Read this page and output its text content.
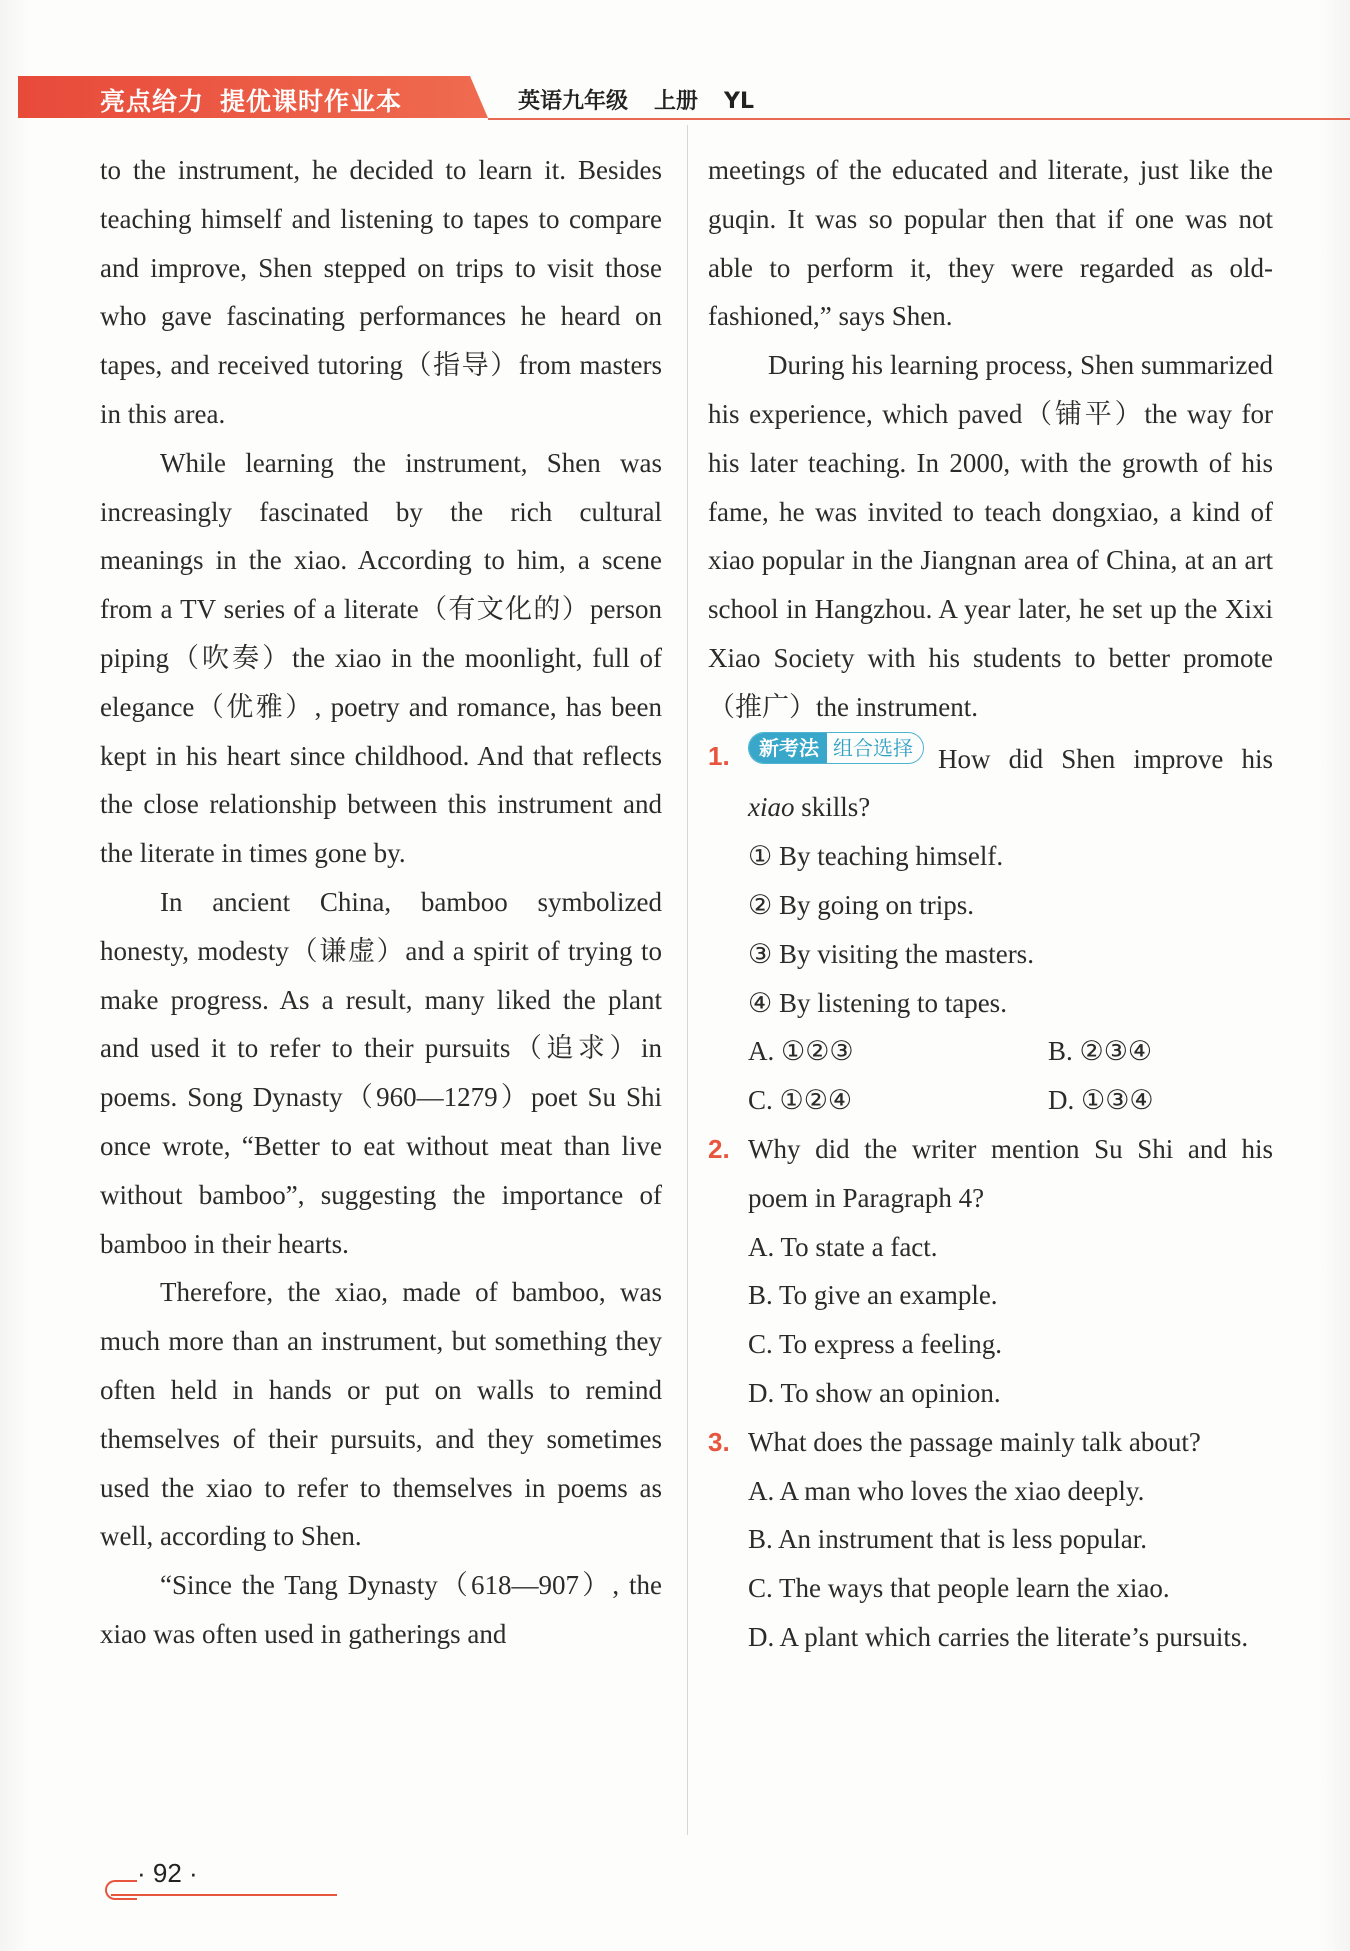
亮点给力 提优课时作业本	英语九年级 上册 YL

to the instrument, he decided to learn it. Besides teaching himself and listening to tapes to compare and improve, Shen stepped on trips to visit those who gave fascinating performances he heard on tapes, and received tutoring（指导）from masters in this area.

While learning the instrument, Shen was increasingly fascinated by the rich cultural meanings in the xiao. According to him, a scene from a TV series of a literate（有文化的）person piping（吹奏）the xiao in the moonlight, full of elegance（优雅）, poetry and romance, has been kept in his heart since childhood. And that reflects the close relationship between this instrument and the literate in times gone by.

In ancient China, bamboo symbolized honesty, modesty（谦虚）and a spirit of trying to make progress. As a result, many liked the plant and used it to refer to their pursuits（追求）in poems. Song Dynasty（960—1279）poet Su Shi once wrote, “Better to eat without meat than live without bamboo”, suggesting the importance of bamboo in their hearts.

Therefore, the xiao, made of bamboo, was much more than an instrument, but something they often held in hands or put on walls to remind themselves of their pursuits, and they sometimes used the xiao to refer to themselves in poems as well, according to Shen.

“Since the Tang Dynasty（618—907）, the xiao was often used in gatherings and

meetings of the educated and literate, just like the guqin. It was so popular then that if one was not able to perform it, they were regarded as old-fashioned,” says Shen.

During his learning process, Shen summarized his experience, which paved（铺平）the way for his later teaching. In 2000, with the growth of his fame, he was invited to teach dongxiao, a kind of xiao popular in the Jiangnan area of China, at an art school in Hangzhou. A year later, he set up the Xixi Xiao Society with his students to better promote（推广）the instrument.

1. 新考法 组合选择 How did Shen improve his xiao skills?

① By teaching himself.

② By going on trips.

③ By visiting the masters.

④ By listening to tapes.

A. ①②③	B. ②③④
C. ①②④	D. ①③④

2. Why did the writer mention Su Shi and his poem in Paragraph 4?

A. To state a fact.

B. To give an example.

C. To express a feeling.

D. To show an opinion.

3. What does the passage mainly talk about?

A. A man who loves the xiao deeply.

B. An instrument that is less popular.

C. The ways that people learn the xiao.

D. A plant which carries the literate’s pursuits.

· 92 ·
